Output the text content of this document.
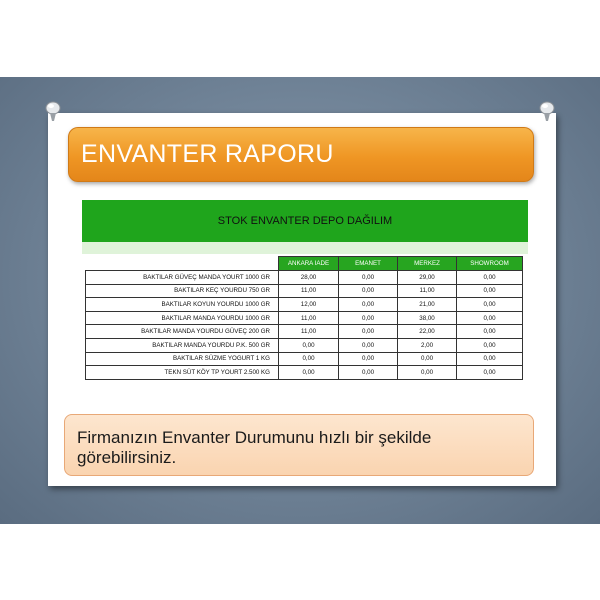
ENVANTER RAPORU
STOK ENVANTER DEPO DAĞILIM
	ANKARA IADE	EMANET	MERKEZ	SHOWROOM
BAKTILAR GÜVEÇ MANDA YOURT 1000 GR	28,00	0,00	29,00	0,00
BAKTILAR KEÇ YOURDU 750 GR	11,00	0,00	11,00	0,00
BAKTILAR KOYUN YOURDU 1000 GR	12,00	0,00	21,00	0,00
BAKTILAR MANDA YOURDU 1000 GR	11,00	0,00	38,00	0,00
BAKTILAR MANDA YOURDU GÜVEÇ 200 GR	11,00	0,00	22,00	0,00
BAKTILAR MANDA YOURDU P.K. 500 GR	0,00	0,00	2,00	0,00
BAKTILAR SÜZME YOGURT 1 KG	0,00	0,00	0,00	0,00
TEKN SÜT KÖY TP YOURT 2.500 KG	0,00	0,00	0,00	0,00
Firmanızın Envanter Durumunu hızlı bir şekilde görebilirsiniz.
